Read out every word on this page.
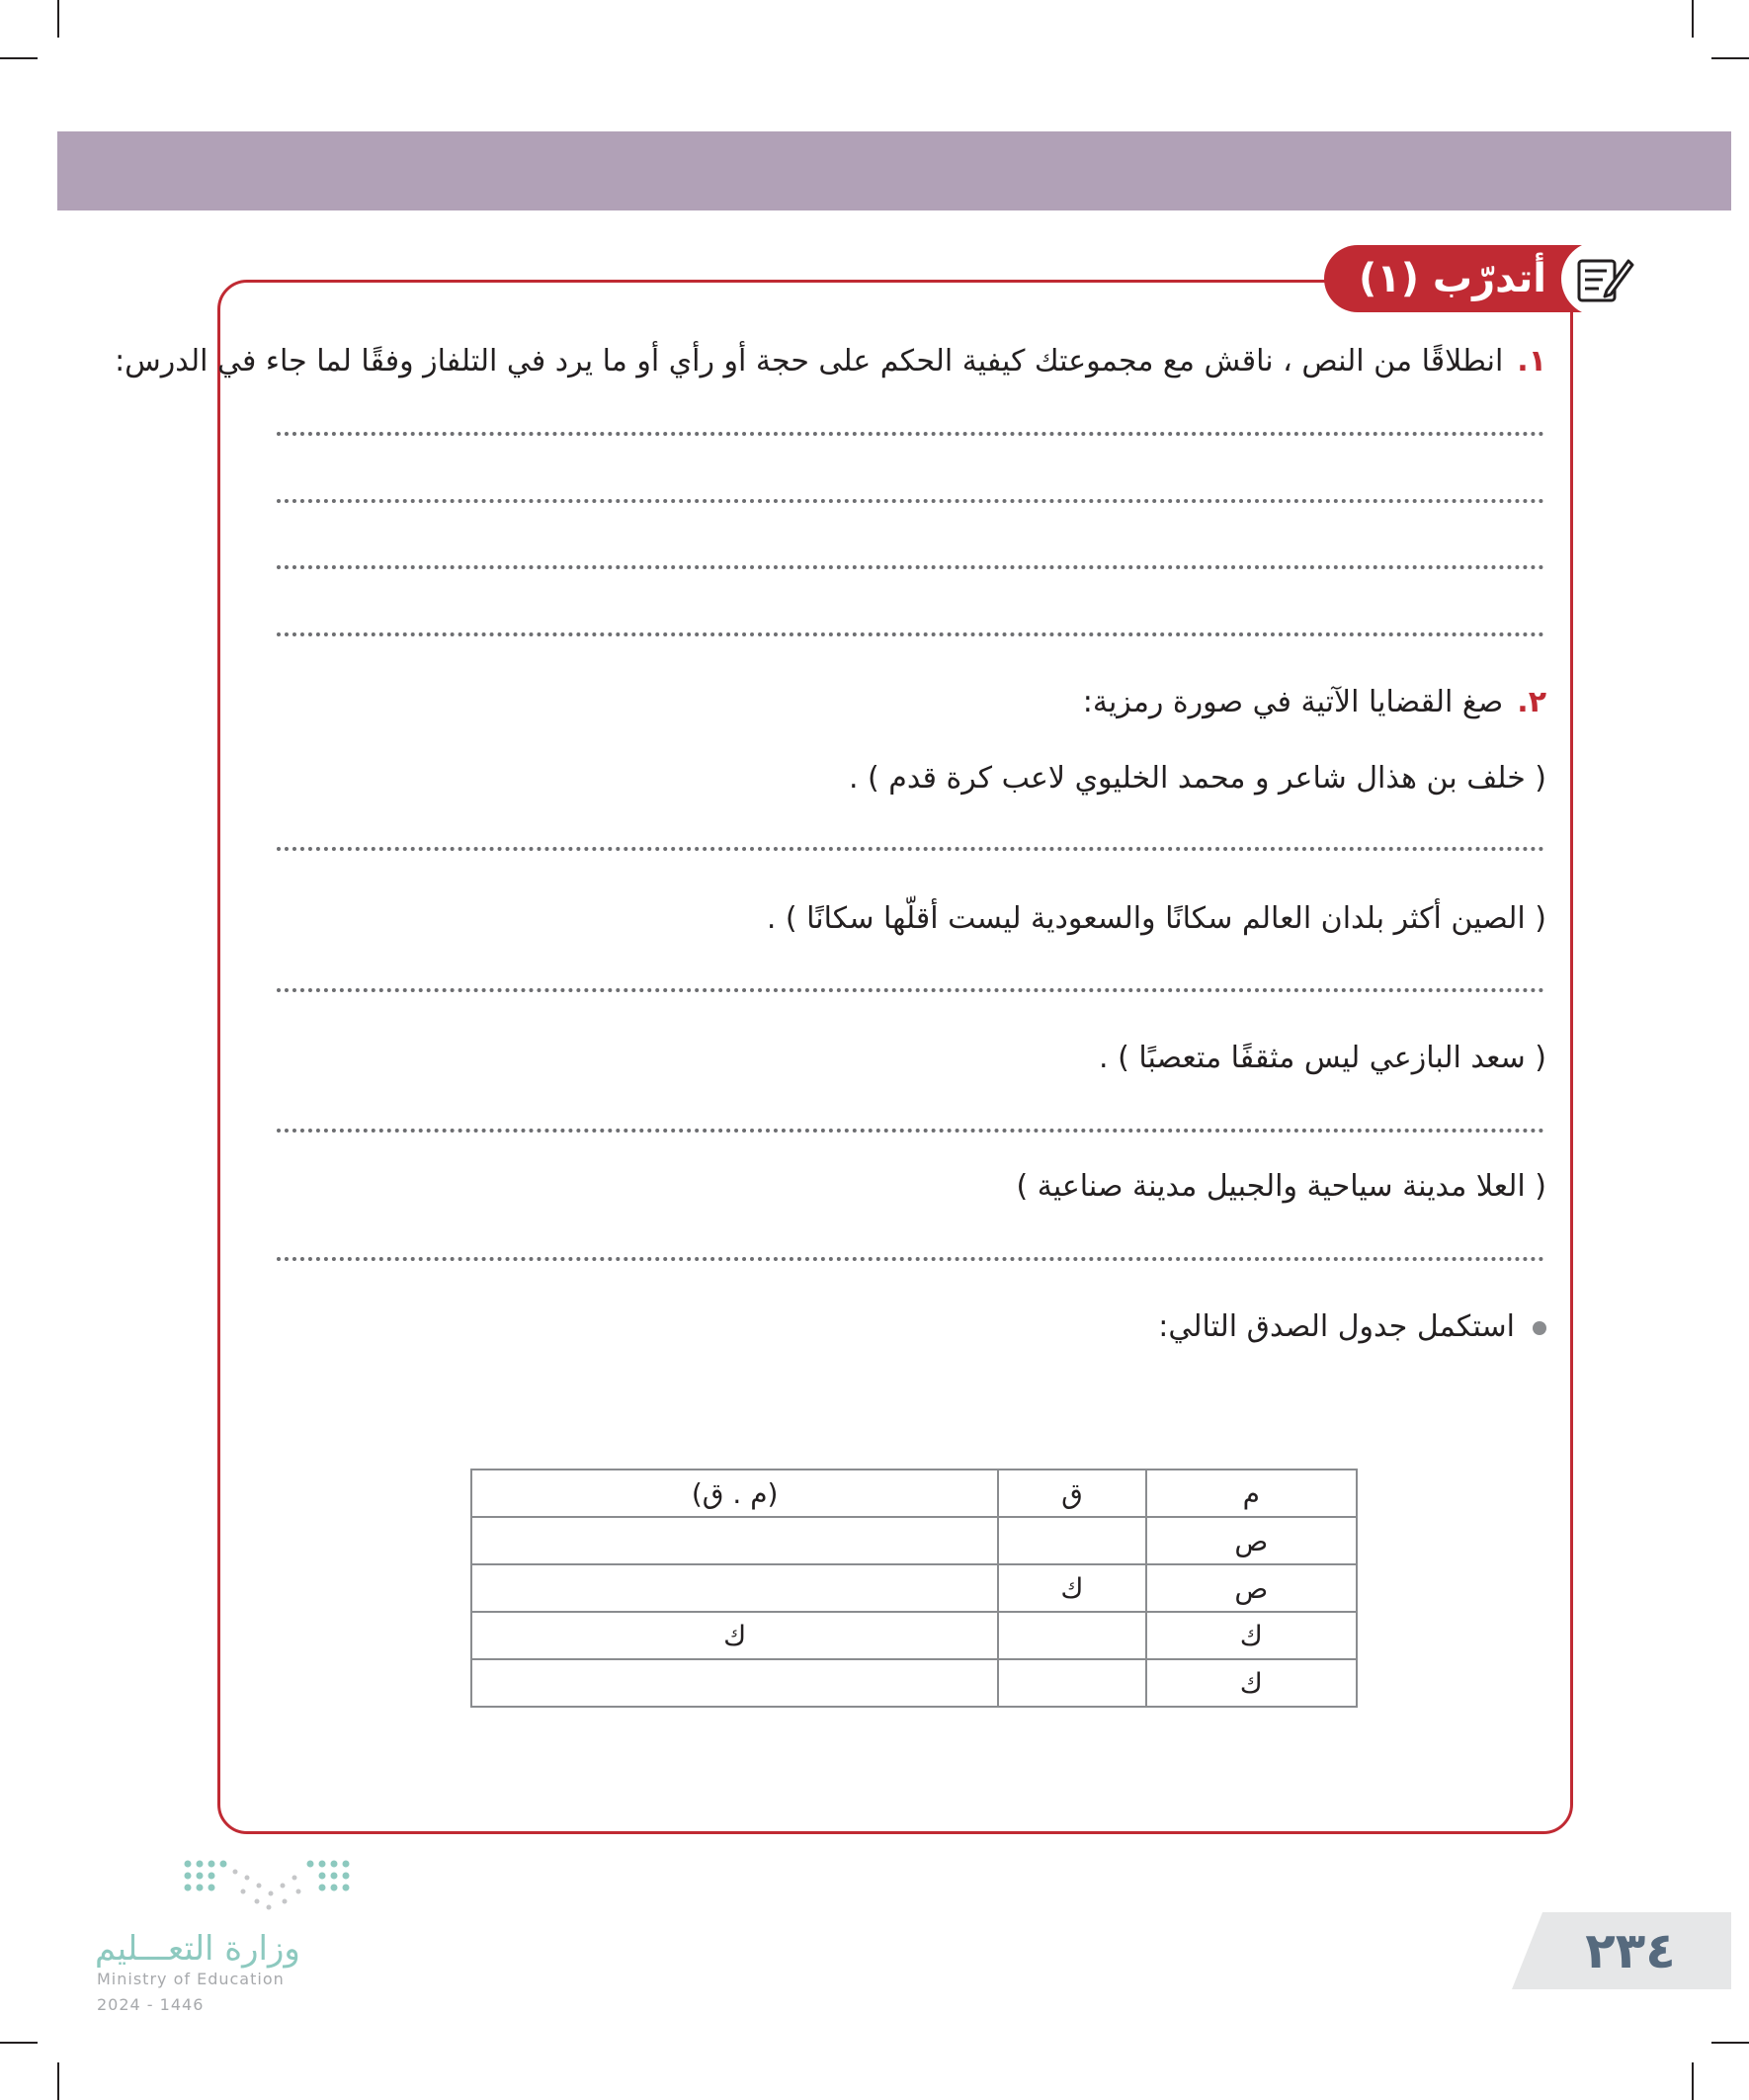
أتدرّب (١)
١.انطلاقًا من النص ، ناقش مع مجموعتك كيفية الحكم على حجة أو رأي أو ما يرد في التلفاز وفقًا لما جاء في الدرس:
٢.صغ القضايا الآتية في صورة رمزية:
( خلف بن هذال شاعر و محمد الخليوي لاعب كرة قدم ) .
( الصين أكثر بلدان العالم سكانًا والسعودية ليست أقلّها سكانًا ) .
( سعد البازعي ليس مثقفًا متعصبًا ) .
( العلا مدينة سياحية والجبيل مدينة صناعية )
استكمل جدول الصدق التالي:
م	ق	(م . ق)
ص		
ص	ك	
ك		ك
ك		
وزارة التعـــليم
Ministry of Education
2024 - 1446
٢٣٤
